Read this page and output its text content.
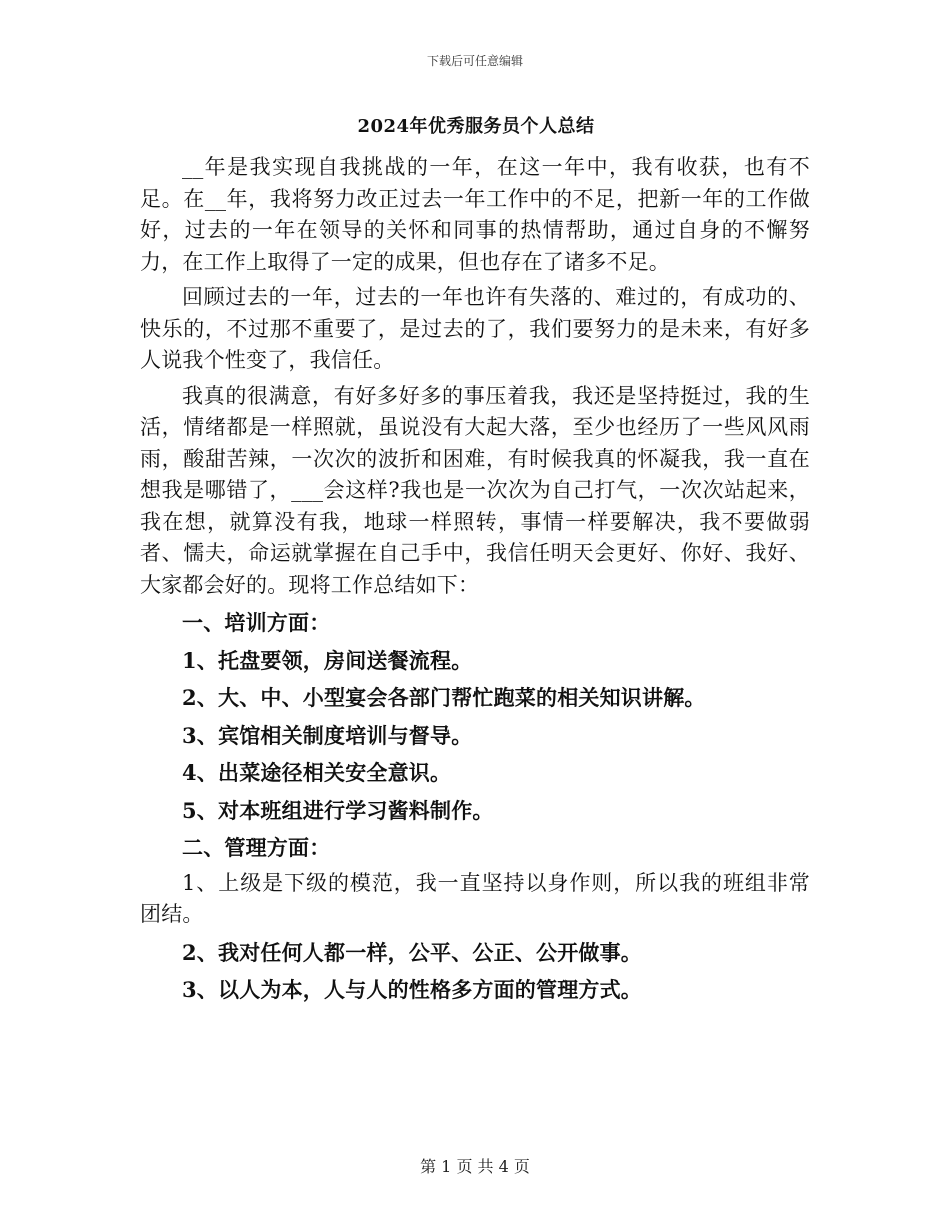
下载后可任意编辑
2024年优秀服务员个人总结

__年是我实现自我挑战的一年，在这一年中，我有收获，也有不足。在__年，我将努力改正过去一年工作中的不足，把新一年的工作做好，过去的一年在领导的关怀和同事的热情帮助，通过自身的不懈努力，在工作上取得了一定的成果，但也存在了诸多不足。

回顾过去的一年，过去的一年也许有失落的、难过的，有成功的、快乐的，不过那不重要了，是过去的了，我们要努力的是未来，有好多人说我个性变了，我信任。

我真的很满意，有好多好多的事压着我，我还是坚持挺过，我的生活，情绪都是一样照就，虽说没有大起大落，至少也经历了一些风风雨雨，酸甜苦辣，一次次的波折和困难，有时候我真的怀凝我，我一直在想我是哪错了，___会这样?我也是一次次为自己打气，一次次站起来，我在想，就算没有我，地球一样照转，事情一样要解决，我不要做弱者、懦夫，命运就掌握在自己手中，我信任明天会更好、你好、我好、大家都会好的。现将工作总结如下：

一、培训方面：

1、托盘要领，房间送餐流程。

2、大、中、小型宴会各部门帮忙跑菜的相关知识讲解。

3、宾馆相关制度培训与督导。

4、出菜途径相关安全意识。

5、对本班组进行学习酱料制作。

二、管理方面：

1、上级是下级的模范，我一直坚持以身作则，所以我的班组非常团结。

2、我对任何人都一样，公平、公正、公开做事。

3、以人为本，人与人的性格多方面的管理方式。

第 1 页 共 4 页
